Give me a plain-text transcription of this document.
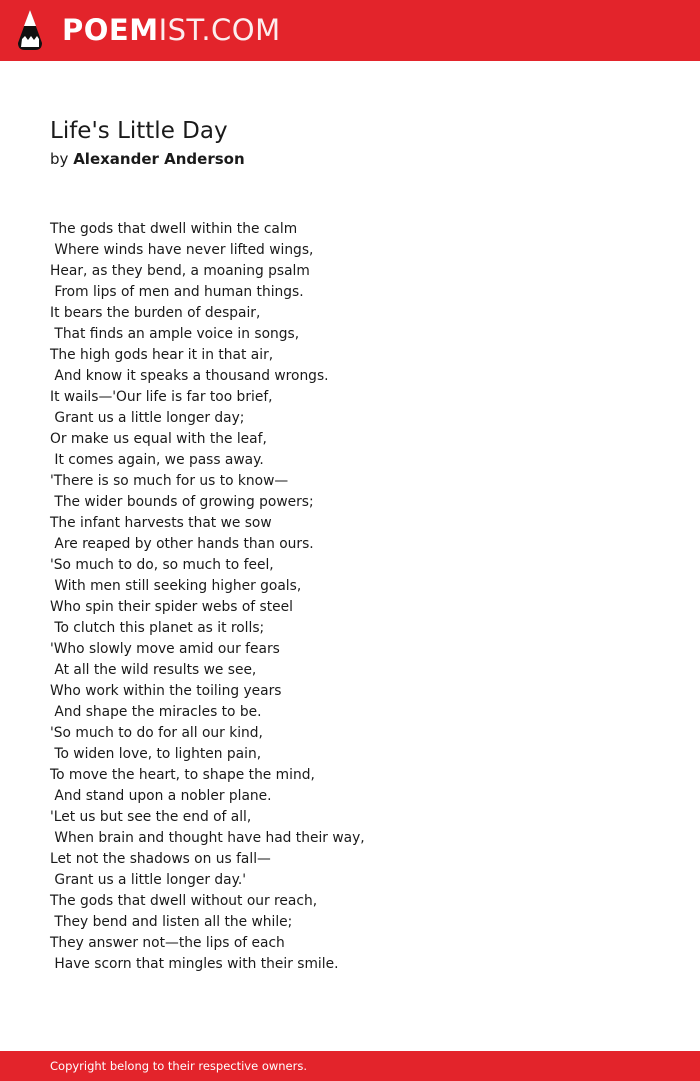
POEMIST.COM
Life's Little Day
by Alexander Anderson
The gods that dwell within the calm
Where winds have never lifted wings,
Hear, as they bend, a moaning psalm
From lips of men and human things.
It bears the burden of despair,
That finds an ample voice in songs,
The high gods hear it in that air,
And know it speaks a thousand wrongs.
It wails—'Our life is far too brief,
Grant us a little longer day;
Or make us equal with the leaf,
It comes again, we pass away.
'There is so much for us to know—
The wider bounds of growing powers;
The infant harvests that we sow
Are reaped by other hands than ours.
'So much to do, so much to feel,
With men still seeking higher goals,
Who spin their spider webs of steel
To clutch this planet as it rolls;
'Who slowly move amid our fears
At all the wild results we see,
Who work within the toiling years
And shape the miracles to be.
'So much to do for all our kind,
To widen love, to lighten pain,
To move the heart, to shape the mind,
And stand upon a nobler plane.
'Let us but see the end of all,
When brain and thought have had their way,
Let not the shadows on us fall—
Grant us a little longer day.'
The gods that dwell without our reach,
They bend and listen all the while;
They answer not—the lips of each
Have scorn that mingles with their smile.
Copyright belong to their respective owners.
